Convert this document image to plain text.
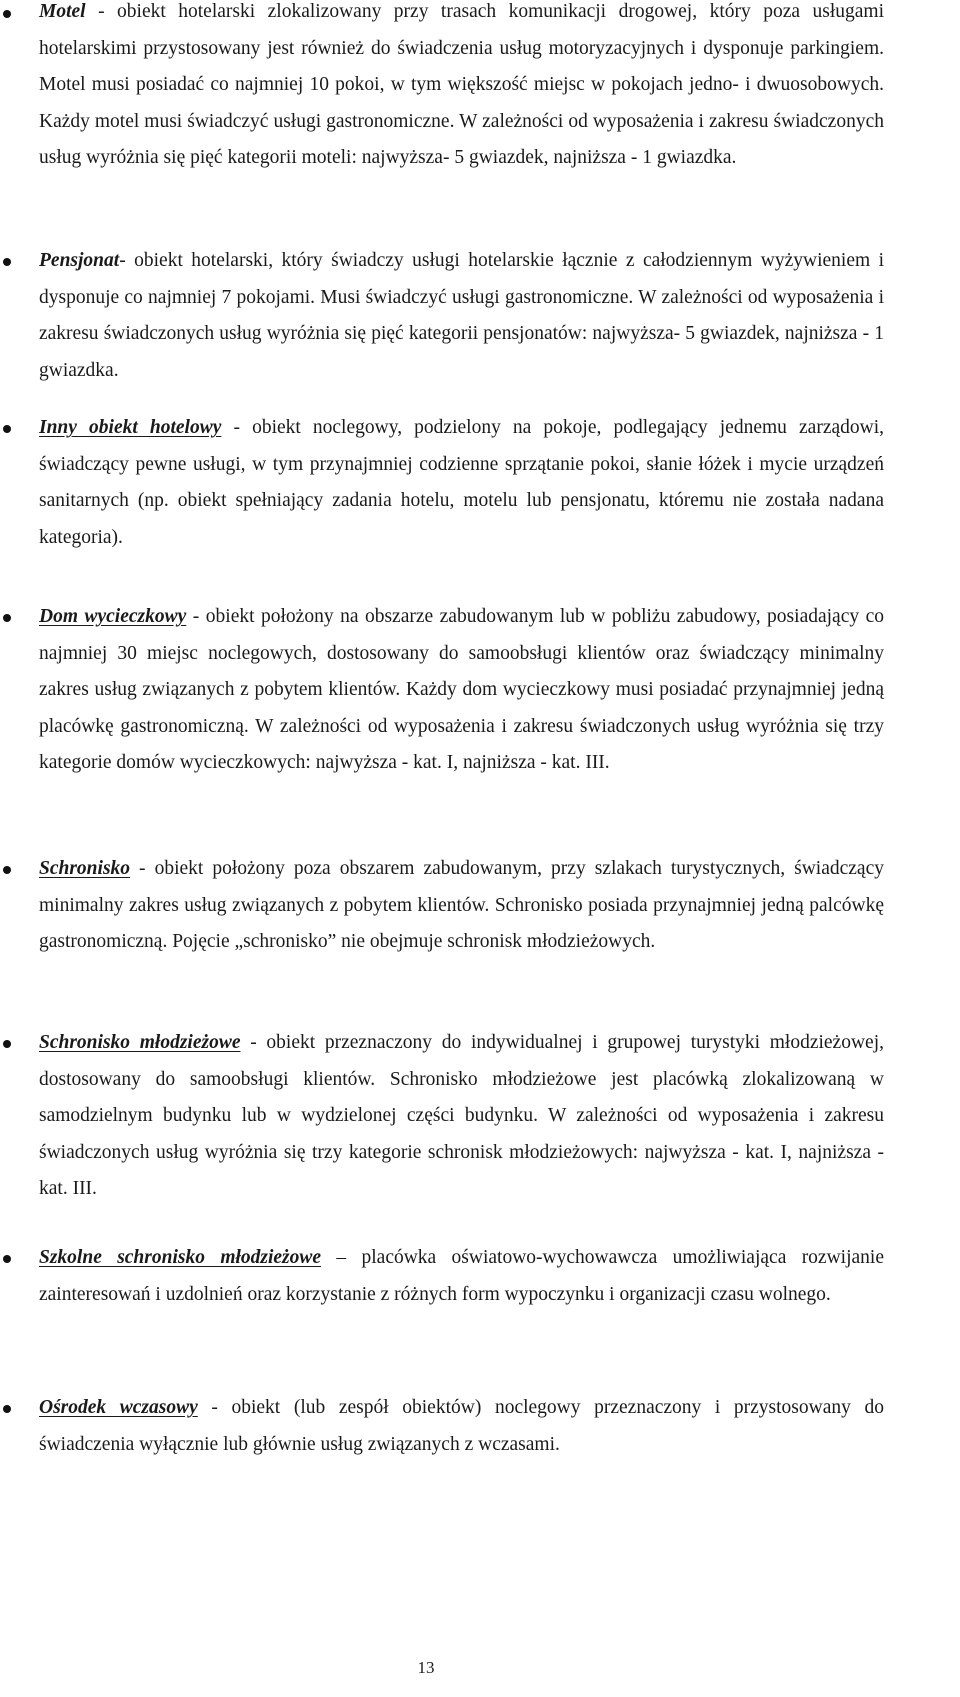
Motel - obiekt hotelarski zlokalizowany przy trasach komunikacji drogowej, który poza usługami hotelarskimi przystosowany jest również do świadczenia usług motoryzacyjnych i dysponuje parkingiem. Motel musi posiadać co najmniej 10 pokoi, w tym większość miejsc w pokojach jedno- i dwuosobowych. Każdy motel musi świadczyć usługi gastronomiczne. W zależności od wyposażenia i zakresu świadczonych usług wyróżnia się pięć kategorii moteli: najwyższa- 5 gwiazdek, najniższa - 1 gwiazdka.
Pensjonat- obiekt hotelarski, który świadczy usługi hotelarskie łącznie z całodziennym wyżywieniem i dysponuje co najmniej 7 pokojami. Musi świadczyć usługi gastronomiczne. W zależności od wyposażenia i zakresu świadczonych usług wyróżnia się pięć kategorii pensjonatów: najwyższa- 5 gwiazdek, najniższa - 1 gwiazdka.
Inny obiekt hotelowy - obiekt noclegowy, podzielony na pokoje, podlegający jednemu zarządowi, świadczący pewne usługi, w tym przynajmniej codzienne sprzątanie pokoi, słanie łóżek i mycie urządzeń sanitarnych (np. obiekt spełniający zadania hotelu, motelu lub pensjonatu, któremu nie została nadana kategoria).
Dom wycieczkowy - obiekt położony na obszarze zabudowanym lub w pobliżu zabudowy, posiadający co najmniej 30 miejsc noclegowych, dostosowany do samoobsługi klientów oraz świadczący minimalny zakres usług związanych z pobytem klientów. Każdy dom wycieczkowy musi posiadać przynajmniej jedną placówkę gastronomiczną. W zależności od wyposażenia i zakresu świadczonych usług wyróżnia się trzy kategorie domów wycieczkowych: najwyższa - kat. I, najniższa - kat. III.
Schronisko - obiekt położony poza obszarem zabudowanym, przy szlakach turystycznych, świadczący minimalny zakres usług związanych z pobytem klientów. Schronisko posiada przynajmniej jedną palcówkę gastronomiczną. Pojęcie „schronisko” nie obejmuje schronisk młodzieżowych.
Schronisko młodzieżowe - obiekt przeznaczony do indywidualnej i grupowej turystyki młodzieżowej, dostosowany do samoobsługi klientów. Schronisko młodzieżowe jest placówką zlokalizowaną w samodzielnym budynku lub w wydzielonej części budynku. W zależności od wyposażenia i zakresu świadczonych usług wyróżnia się trzy kategorie schronisk młodzieżowych: najwyższa - kat. I, najniższa - kat. III.
Szkolne schronisko młodzieżowe – placówka oświatowo-wychowawcza umożliwiająca rozwijanie zainteresowań i uzdolnień oraz korzystanie z różnych form wypoczynku i organizacji czasu wolnego.
Ośrodek wczasowy - obiekt (lub zespół obiektów) noclegowy przeznaczony i przystosowany do świadczenia wyłącznie lub głównie usług związanych z wczasami.
13
